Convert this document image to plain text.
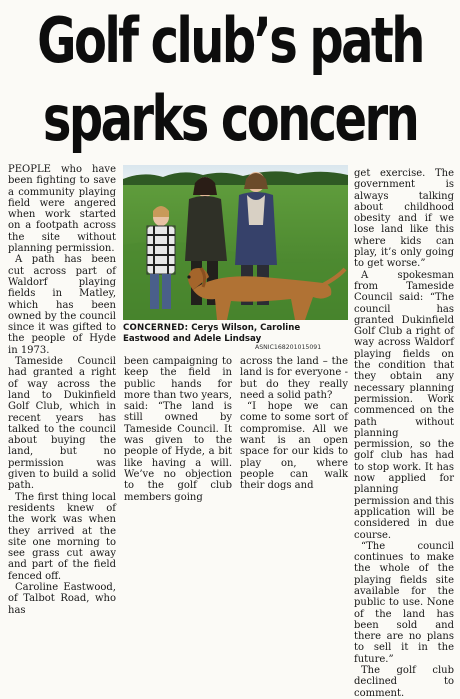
Golf club’s path
sparks concern

PEOPLE who have been fighting to save a community playing field were angered when work started on a footpath across the site without planning permission.

A path has been cut across part of Waldorf playing fields in Matley, which has been owned by the council since it was gifted to the people of Hyde in 1973.

Tameside Council had granted a right of way across the land to Dukinfield Golf Club, which in recent years has talked to the council about buying the land, but no permission was given to build a solid path.

The first thing local residents knew of the work was when they arrived at the site one morning to see grass cut away and part of the field fenced off.

Caroline Eastwood, of Talbot Road, who has

CONCERNED: Cerys Wilson, Caroline Eastwood and Adele Lindsay
ASNIC168201015091

been campaigning to keep the field in public hands for more than two years, said: “The land is still owned by Tameside Council. It was given to the people of Hyde, a bit like having a will. We’ve no objection to the golf club members going

across the land – the land is for everyone - but do they really need a solid path?

“I hope we can come to some sort of compromise. All we want is an open space for our kids to play on, where people can walk their dogs and

get exercise. The government is always talking about childhood obesity and if we lose land like this where kids can play, it’s only going to get worse.”

A spokesman from Tameside Council said: “The council has granted Dukinfield Golf Club a right of way across Waldorf playing fields on the condition that they obtain any necessary planning permission. Work commenced on the path without planning permission, so the golf club has had to stop work. It has now applied for planning permission and this application will be considered in due course.

“The council continues to make the whole of the playing fields site available for the public to use. None of the land has been sold and there are no plans to sell it in the future.”

The golf club declined to comment.
